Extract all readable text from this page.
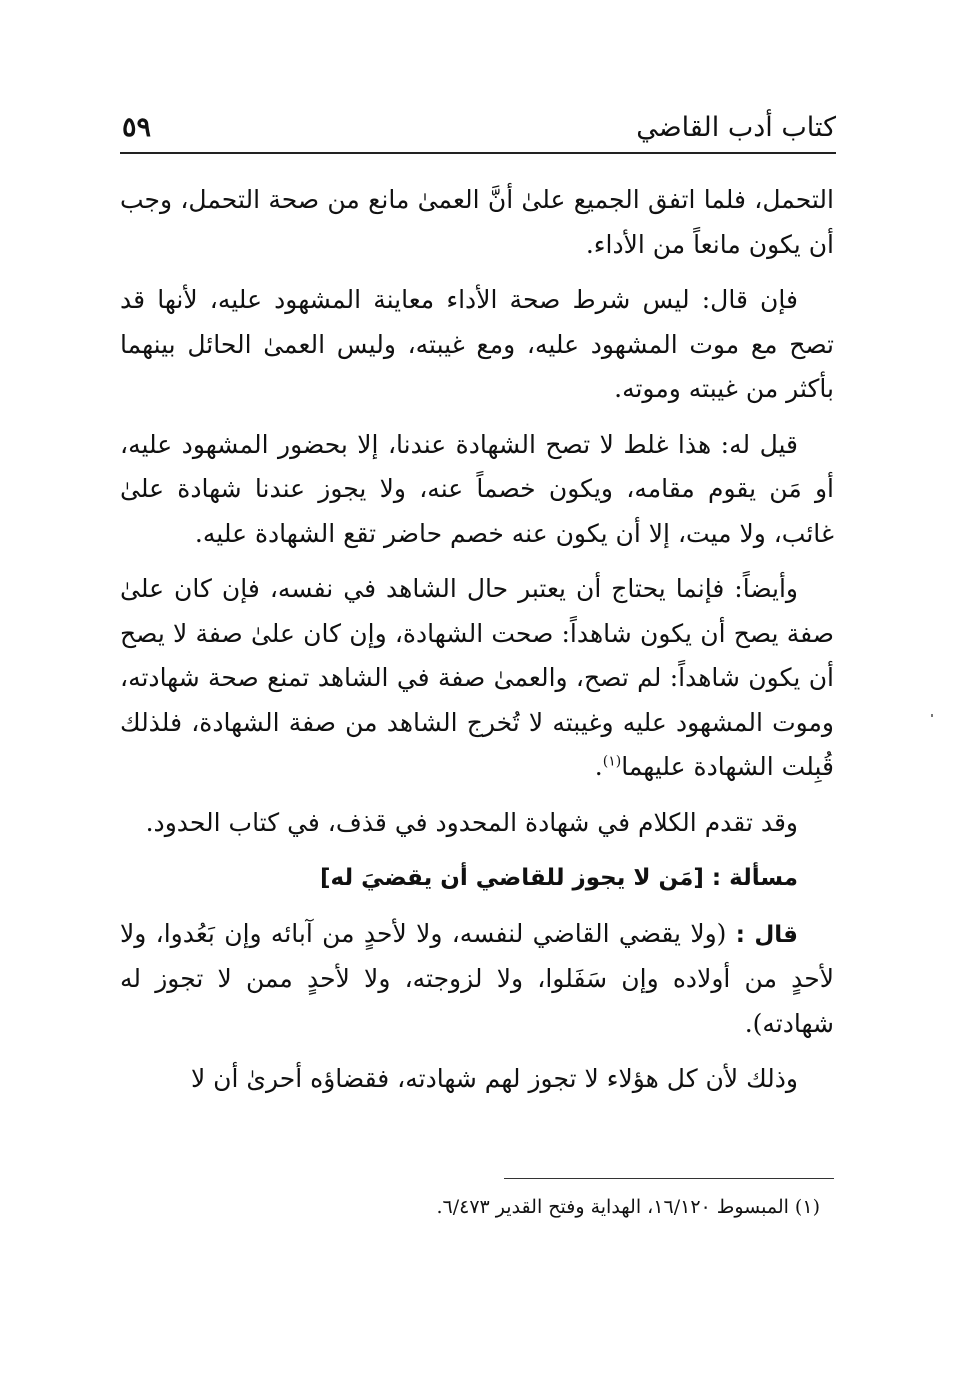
كتاب أدب القاضي
٥٩

التحمل، فلما اتفق الجميع علىٰ أنَّ العمىٰ مانع من صحة التحمل، وجب أن يكون مانعاً من الأداء.

فإن قال: ليس شرط صحة الأداء معاينة المشهود عليه، لأنها قد تصح مع موت المشهود عليه، ومع غيبته، وليس العمىٰ الحائل بينهما بأكثر من غيبته وموته.

قيل له: هذا غلط لا تصح الشهادة عندنا، إلا بحضور المشهود عليه، أو مَن يقوم مقامه، ويكون خصماً عنه، ولا يجوز عندنا شهادة علىٰ غائب، ولا ميت، إلا أن يكون عنه خصم حاضر تقع الشهادة عليه.

وأيضاً: فإنما يحتاج أن يعتبر حال الشاهد في نفسه، فإن كان علىٰ صفة يصح أن يكون شاهداً: صحت الشهادة، وإن كان علىٰ صفة لا يصح أن يكون شاهداً: لم تصح، والعمىٰ صفة في الشاهد تمنع صحة شهادته، وموت المشهود عليه وغيبته لا تُخرج الشاهد من صفة الشهادة، فلذلك قُبِلت الشهادة عليهما$^{(١)}$.

وقد تقدم الكلام في شهادة المحدود في قذف، في كتاب الحدود.

مسألة : [مَن لا يجوز للقاضي أن يقضيَ له]

قال : (ولا يقضي القاضي لنفسه، ولا لأحدٍ من آبائه وإن بَعُدوا، ولا لأحدٍ من أولاده وإن سَفَلوا، ولا لزوجته، ولا لأحدٍ ممن لا تجوز له شهادته).

وذلك لأن كل هؤلاء لا تجوز لهم شهادته، فقضاؤه أحرىٰ أن لا

(١) المبسوط ١٦/١٢٠، الهداية وفتح القدير ٦/٤٧٣.
